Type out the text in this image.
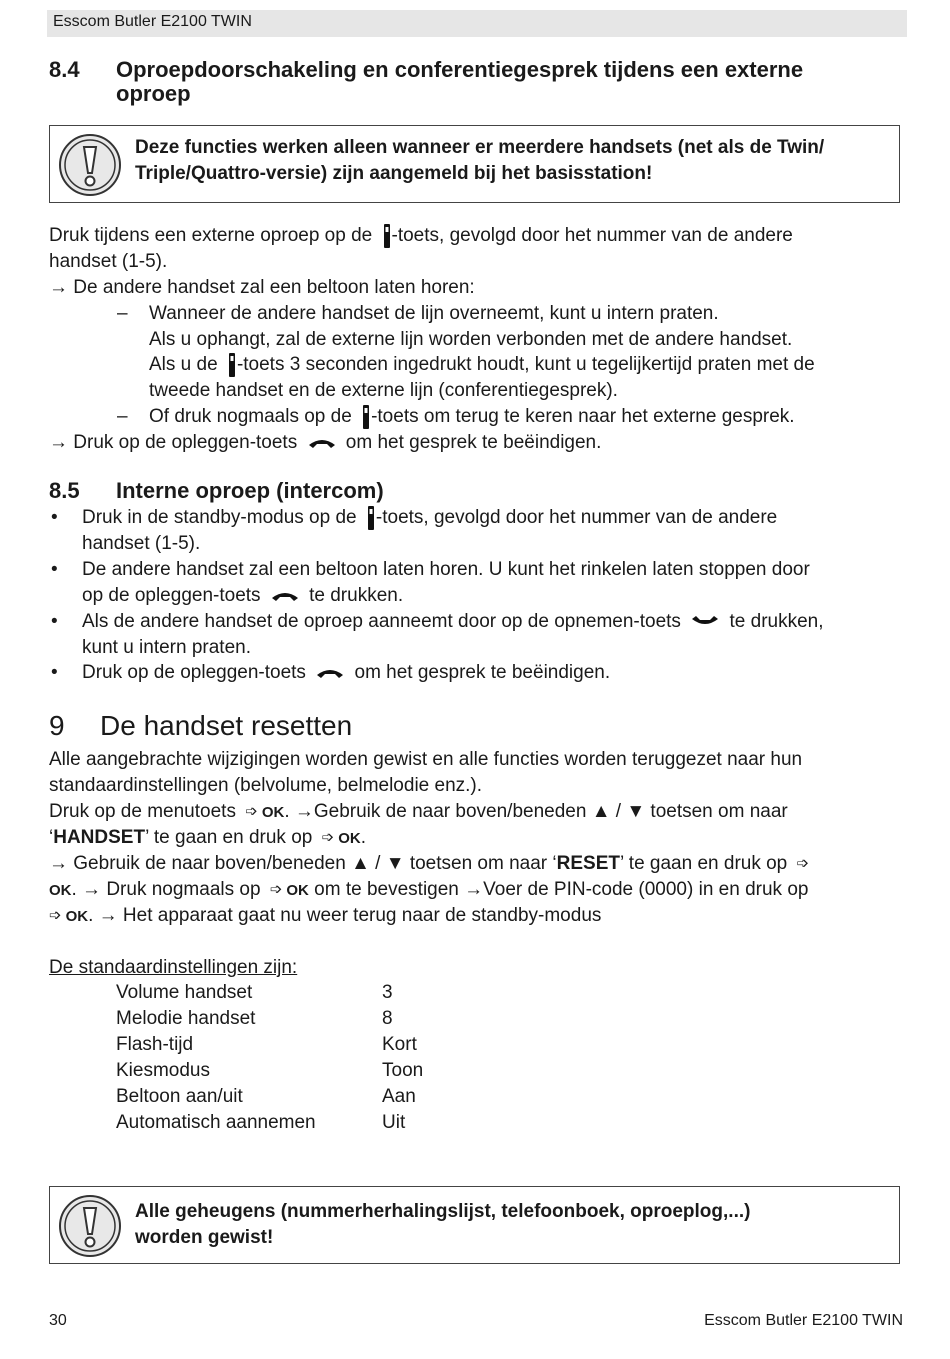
Esscom Butler E2100 TWIN
8.4 Oproepdoorschakeling en conferentiegesprek tijdens een externe oproep
Deze functies werken alleen wanneer er meerdere handsets (net als de Twin/ Triple/Quattro-versie) zijn aangemeld bij het basisstation!
Druk tijdens een externe oproep op de -toets, gevolgd door het nummer van de andere
handset (1-5).
→ De andere handset zal een beltoon laten horen:
– Wanneer de andere handset de lijn overneemt, kunt u intern praten.
Als u ophangt, zal de externe lijn worden verbonden met de andere handset.
Als u de -toets 3 seconden ingedrukt houdt, kunt u tegelijkertijd praten met de
tweede handset en de externe lijn (conferentiegesprek).
– Of druk nogmaals op de -toets om terug te keren naar het externe gesprek.
→ Druk op de opleggen-toets	om het gesprek te beëindigen.
8.5 Interne oproep (intercom)
• Druk in de standby-modus op de -toets, gevolgd door het nummer van de andere
handset (1-5).
• De andere handset zal een beltoon laten horen. U kunt het rinkelen laten stoppen door
op de opleggen-toets	te drukken.
• Als de andere handset de oproep aanneemt door op de opnemen-toets	te drukken,
kunt u intern praten.
• Druk op de opleggen-toets	om het gesprek te beëindigen.
9 De handset resetten
Alle aangebrachte wijzigingen worden gewist en alle functies worden teruggezet naar hun
standaardinstellingen (belvolume, belmelodie enz.).
Druk op de menutoets ➩ OK. →Gebruik de naar boven/beneden ▲ / ▼ toetsen om naar
‘HANDSET’ te gaan en druk op ➩ OK.
→ Gebruik de naar boven/beneden ▲ / ▼ toetsen om naar ‘RESET’ te gaan en druk op ➩
OK. → Druk nogmaals op ➩ OK om te bevestigen →Voer de PIN-code (0000) in en druk op
➩ OK. → Het apparaat gaat nu weer terug naar de standby-modus
De standaardinstellingen zijn:
Volume handset	3
Melodie handset	8
Flash-tijd	Kort
Kiesmodus	Toon
Beltoon aan/uit	Aan
Automatisch aannemen	Uit
Alle geheugens (nummerherhalingslijst, telefoonboek, oproeplog,...) worden gewist!
30	Esscom Butler E2100 TWIN
